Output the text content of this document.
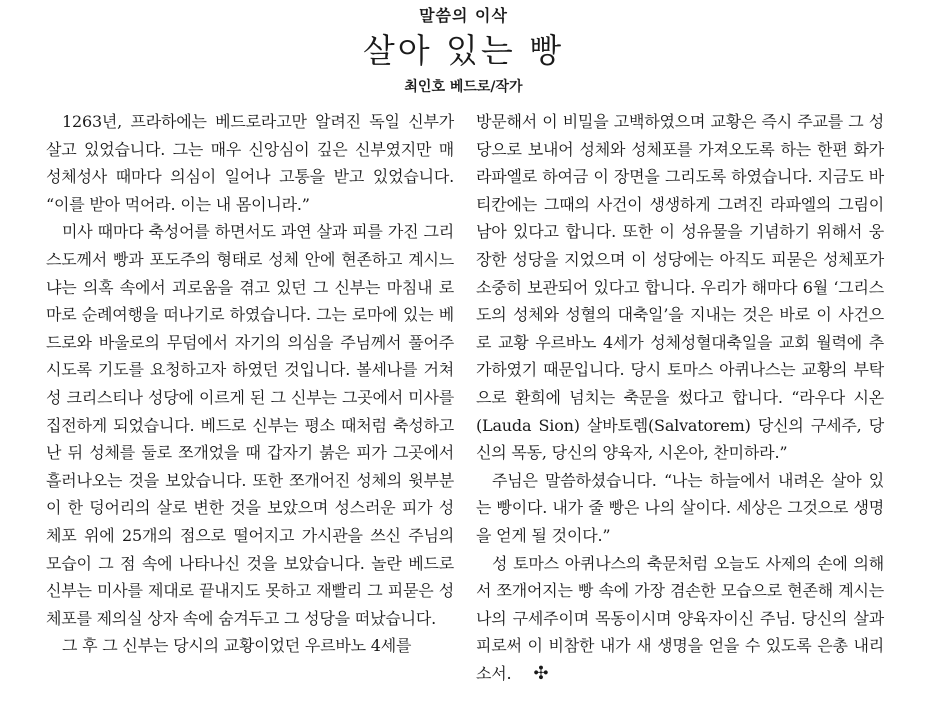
말씀의 이삭
살아 있는 빵
최인호 베드로/작가

1263년, 프라하에는 베드로라고만 알려진 독일 신부가 살고 있었습니다. 그는 매우 신앙심이 깊은 신부였지만 매 성체성사 때마다 의심이 일어나 고통을 받고 있었습니다. “이를 받아 먹어라. 이는 내 몸이니라.”

미사 때마다 축성어를 하면서도 과연 살과 피를 가진 그리스도께서 빵과 포도주의 형태로 성체 안에 현존하고 계시느냐는 의혹 속에서 괴로움을 겪고 있던 그 신부는 마침내 로마로 순례여행을 떠나기로 하였습니다. 그는 로마에 있는 베드로와 바울로의 무덤에서 자기의 의심을 주님께서 풀어주시도록 기도를 요청하고자 하였던 것입니다. 볼세나를 거쳐 성 크리스티나 성당에 이르게 된 그 신부는 그곳에서 미사를 집전하게 되었습니다. 베드로 신부는 평소 때처럼 축성하고 난 뒤 성체를 둘로 쪼개었을 때 갑자기 붉은 피가 그곳에서 흘러나오는 것을 보았습니다. 또한 쪼개어진 성체의 윗부분이 한 덩어리의 살로 변한 것을 보았으며 성스러운 피가 성체포 위에 25개의 점으로 떨어지고 가시관을 쓰신 주님의 모습이 그 점 속에 나타나신 것을 보았습니다. 놀란 베드로 신부는 미사를 제대로 끝내지도 못하고 재빨리 그 피묻은 성체포를 제의실 상자 속에 숨겨두고 그 성당을 떠났습니다.

그 후 그 신부는 당시의 교황이었던 우르바노 4세를

방문해서 이 비밀을 고백하였으며 교황은 즉시 주교를 그 성당으로 보내어 성체와 성체포를 가져오도록 하는 한편 화가 라파엘로 하여금 이 장면을 그리도록 하였습니다. 지금도 바티칸에는 그때의 사건이 생생하게 그려진 라파엘의 그림이 남아 있다고 합니다. 또한 이 성유물을 기념하기 위해서 웅장한 성당을 지었으며 이 성당에는 아직도 피묻은 성체포가 소중히 보관되어 있다고 합니다. 우리가 해마다 6월 ‘그리스도의 성체와 성혈의 대축일’을 지내는 것은 바로 이 사건으로 교황 우르바노 4세가 성체성혈대축일을 교회 월력에 추가하였기 때문입니다. 당시 토마스 아퀴나스는 교황의 부탁으로 환희에 넘치는 축문을 썼다고 합니다. “라우다 시온(Lauda Sion) 살바토렘(Salvatorem) 당신의 구세주, 당신의 목동, 당신의 양육자, 시온아, 찬미하라.”

주님은 말씀하셨습니다. “나는 하늘에서 내려온 살아 있는 빵이다. 내가 줄 빵은 나의 살이다. 세상은 그것으로 생명을 얻게 될 것이다.”

성 토마스 아퀴나스의 축문처럼 오늘도 사제의 손에 의해서 쪼개어지는 빵 속에 가장 겸손한 모습으로 현존해 계시는 나의 구세주이며 목동이시며 양육자이신 주님. 당신의 살과 피로써 이 비참한 내가 새 생명을 얻을 수 있도록 은총 내리소서. ✣
